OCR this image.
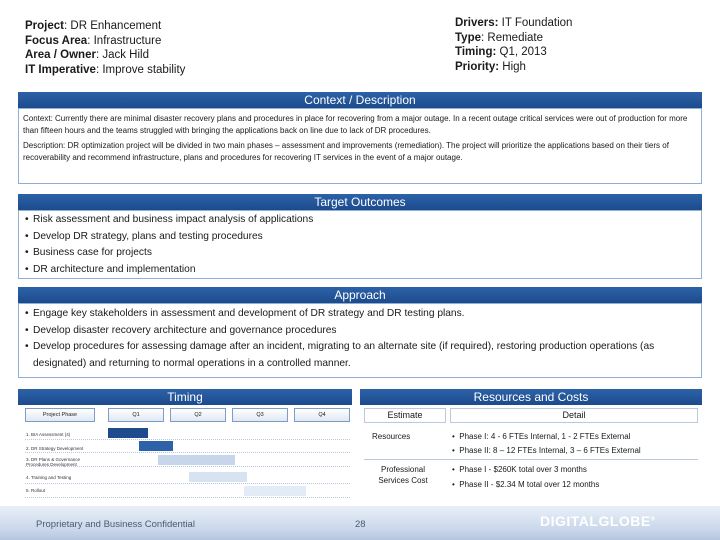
Project: DR Enhancement
Focus Area: Infrastructure
Area / Owner: Jack Hild
IT Imperative: Improve stability
Drivers: IT Foundation
Type: Remediate
Timing: Q1, 2013
Priority: High
Context / Description

Context: Currently there are minimal disaster recovery plans and procedures in place for recovering from a major outage. In a recent outage critical services were out of production for more than fifteen hours and the teams struggled with bringing the applications back on line due to lack of DR procedures.

Description: DR optimization project will be divided in two main phases – assessment and improvements (remediation). The project will prioritize the applications based on their tiers of recoverability and recommend infrastructure, plans and procedures for recovering IT services in the event of a major outage.

Target Outcomes
• Risk assessment and business impact analysis of applications
• Develop DR strategy, plans and testing procedures
• Business case for projects
• DR architecture and implementation
Approach
• Engage key stakeholders in assessment and development of DR strategy and DR testing plans.
• Develop disaster recovery architecture and governance procedures
• Develop procedures for assessing damage after an incident, migrating to an alternate site (if required), restoring production operations (as designated) and returning to normal operations in a controlled manner.
Timing
Project Phase	Q1	Q2	Q3	Q4
1. BIA Assessment (4)
2. DR Strategy Development
3. DR Plans & Governance
Procedures Development
4. Training and Testing
5. Rollout
Resources and Costs
Estimate	Detail
Resources	•  Phase I: 4 - 6 FTEs Internal, 1 - 2 FTEs External
•  Phase II: 8 – 12 FTEs Internal, 3 – 6 FTEs External
Professional Services Cost
•  Phase I - $260K total over 3 months
•  Phase II - $2.34 M total over 12 months
Proprietary and Business Confidential	28	DIGITALGLOBE®
